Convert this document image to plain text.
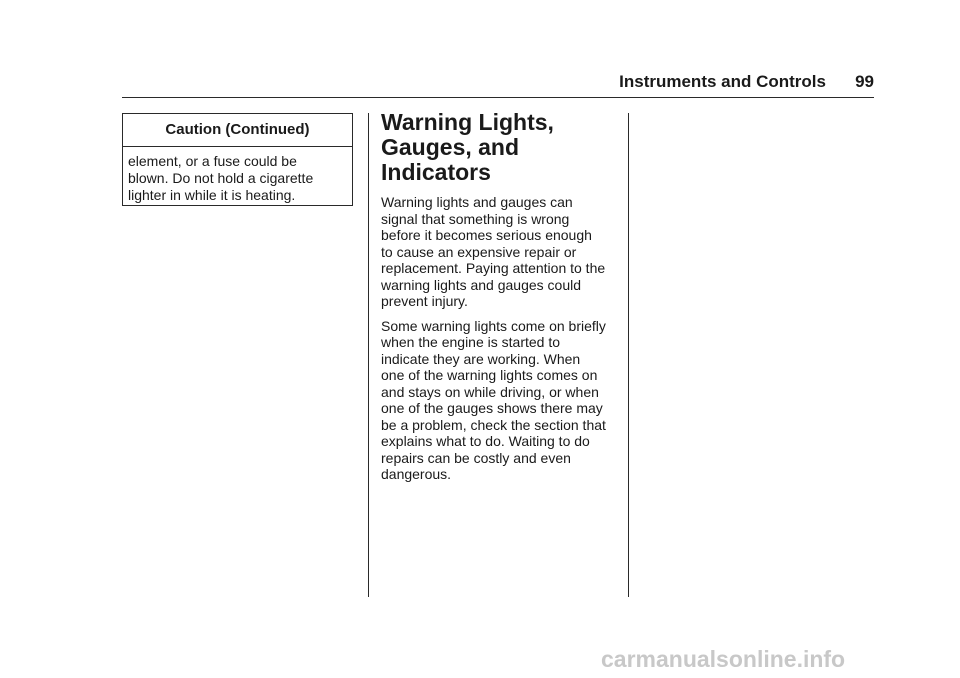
Instruments and Controls 99
Caution (Continued)
element, or a fuse could be
blown. Do not hold a cigarette
lighter in while it is heating.
Warning Lights,
Gauges, and
Indicators
Warning lights and gauges can
signal that something is wrong
before it becomes serious enough
to cause an expensive repair or
replacement. Paying attention to the
warning lights and gauges could
prevent injury.
Some warning lights come on briefly
when the engine is started to
indicate they are working. When
one of the warning lights comes on
and stays on while driving, or when
one of the gauges shows there may
be a problem, check the section that
explains what to do. Waiting to do
repairs can be costly and even
dangerous.
carmanualsonline.info
